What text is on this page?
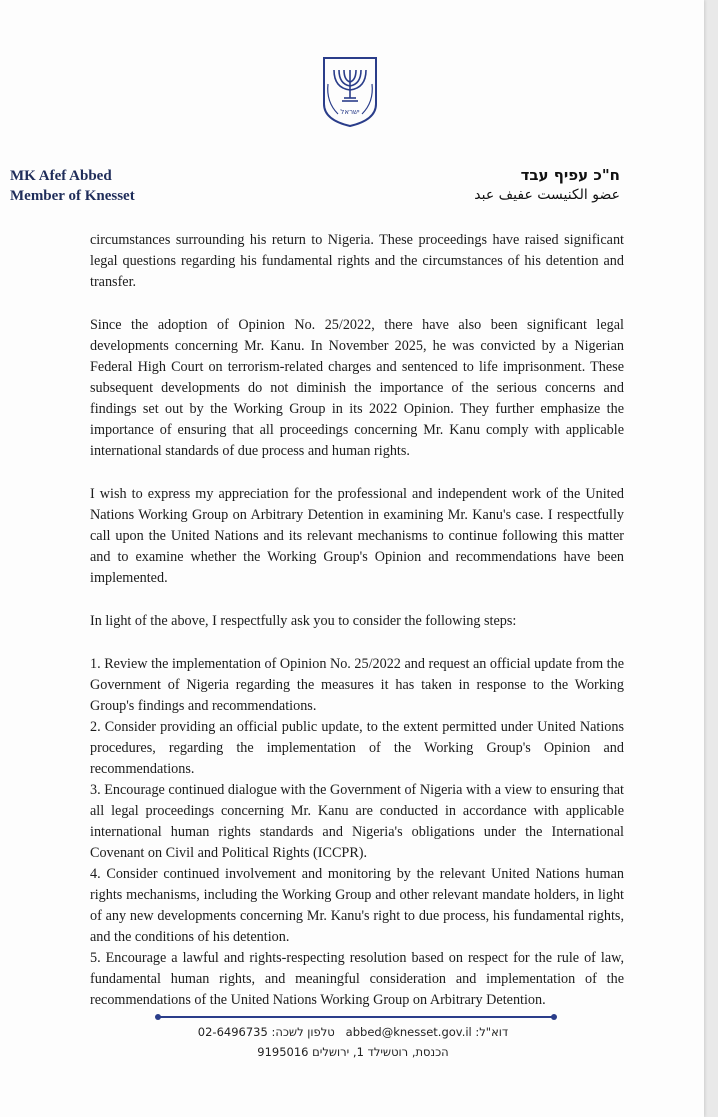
ישראל
MK Afef Abbed
Member of Knesset
ח"כ עפיף עבד
عضو الكنيست عفيف عبد

circumstances surrounding his return to Nigeria. These proceedings have raised significant legal questions regarding his fundamental rights and the circumstances of his detention and transfer.

Since the adoption of Opinion No. 25/2022, there have also been significant legal developments concerning Mr. Kanu. In November 2025, he was convicted by a Nigerian Federal High Court on terrorism-related charges and sentenced to life imprisonment. These subsequent developments do not diminish the importance of the serious concerns and findings set out by the Working Group in its 2022 Opinion. They further emphasize the importance of ensuring that all proceedings concerning Mr. Kanu comply with applicable international standards of due process and human rights.

I wish to express my appreciation for the professional and independent work of the United Nations Working Group on Arbitrary Detention in examining Mr. Kanu's case. I respectfully call upon the United Nations and its relevant mechanisms to continue following this matter and to examine whether the Working Group's Opinion and recommendations have been implemented.

In light of the above, I respectfully ask you to consider the following steps:

1. Review the implementation of Opinion No. 25/2022 and request an official update from the Government of Nigeria regarding the measures it has taken in response to the Working Group's findings and recommendations.

2. Consider providing an official public update, to the extent permitted under United Nations procedures, regarding the implementation of the Working Group's Opinion and recommendations.

3. Encourage continued dialogue with the Government of Nigeria with a view to ensuring that all legal proceedings concerning Mr. Kanu are conducted in accordance with applicable international human rights standards and Nigeria's obligations under the International Covenant on Civil and Political Rights (ICCPR).

4. Consider continued involvement and monitoring by the relevant United Nations human rights mechanisms, including the Working Group and other relevant mandate holders, in light of any new developments concerning Mr. Kanu's right to due process, his fundamental rights, and the conditions of his detention.

5. Encourage a lawful and rights-respecting resolution based on respect for the rule of law, fundamental human rights, and meaningful consideration and implementation of the recommendations of the United Nations Working Group on Arbitrary Detention.

דוא"ל: abbed@knesset.gov.il   טלפון לשכה: 02-6496735
הכנסת, רוטשילד 1, ירושלים 9195016
